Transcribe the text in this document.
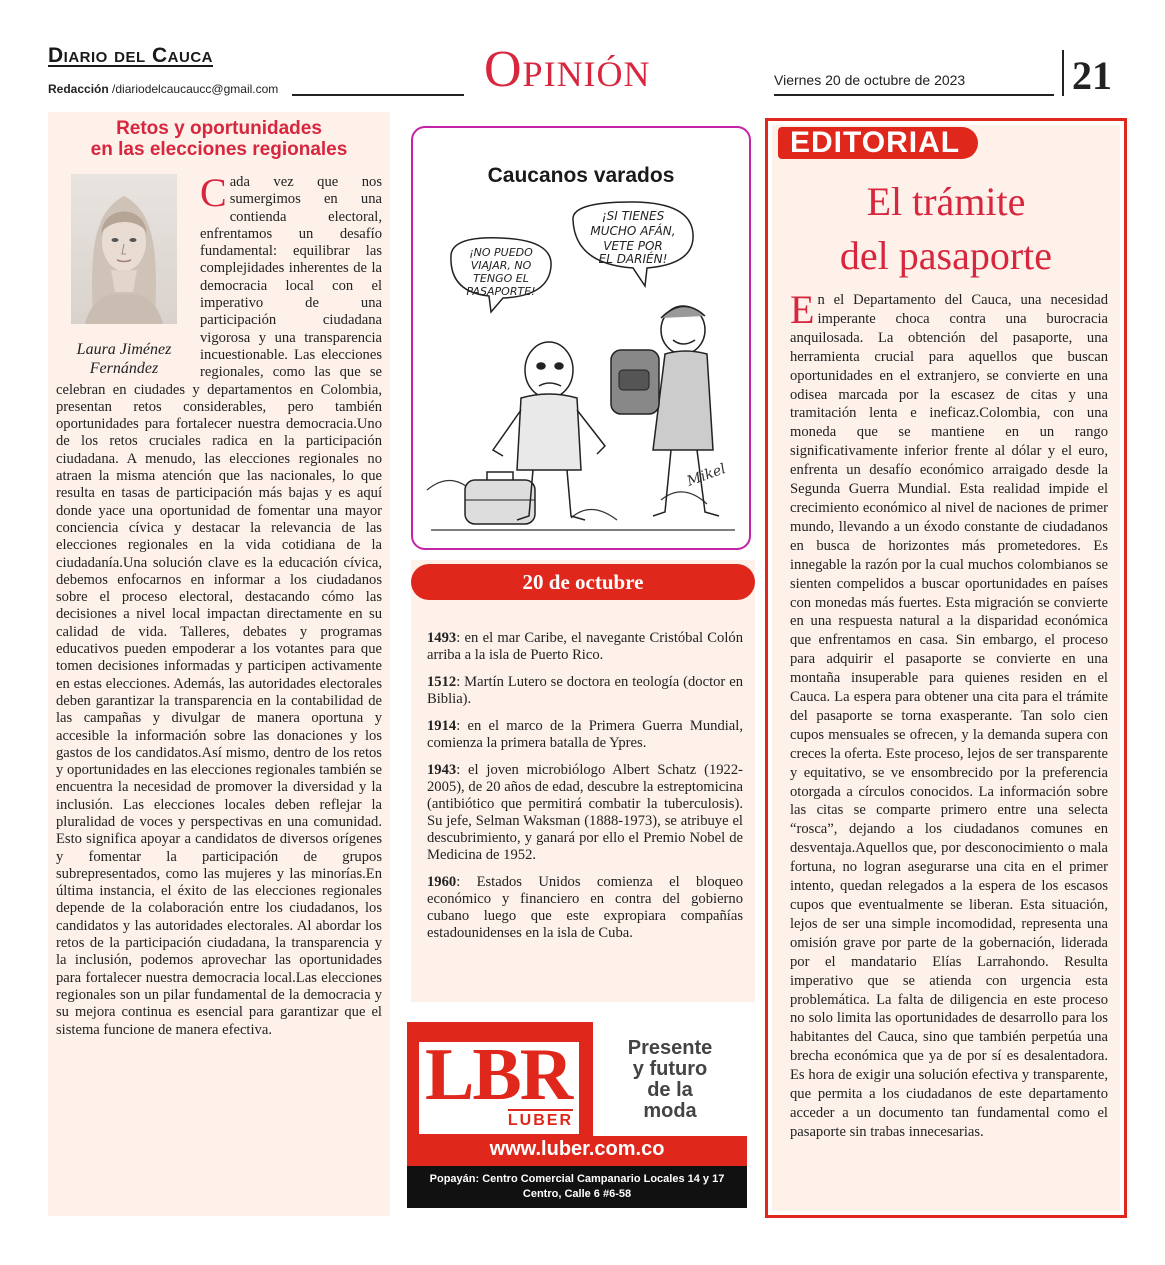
Diario del Cauca
Redacción /diariodelcaucaucc@gmail.com	Opinión	Viernes 20 de octubre de 2023	21
Retos y oportunidades
en las elecciones regionales
Laura Jiménez
Fernández
Cada vez que nos sumergimos en una contienda electoral, enfrentamos un desafío fundamental: equilibrar las complejidades inherentes de la democracia local con el imperativo de una participación ciudadana vigorosa y una transparencia incuestionable. Las elecciones regionales, como las que se celebran en ciudades y departamentos en Colombia, presentan retos considerables, pero también oportunidades para fortalecer nuestra democracia.Uno de los retos cruciales radica en la participación ciudadana. A menudo, las elecciones regionales no atraen la misma atención que las nacionales, lo que resulta en tasas de participación más bajas y es aquí donde yace una oportunidad de fomentar una mayor conciencia cívica y destacar la relevancia de las elecciones regionales en la vida cotidiana de la ciudadanía.Una solución clave es la educación cívica, debemos enfocarnos en informar a los ciudadanos sobre el proceso electoral, destacando cómo las decisiones a nivel local impactan directamente en su calidad de vida. Talleres, debates y programas educativos pueden empoderar a los votantes para que tomen decisiones informadas y participen activamente en estas elecciones. Además, las autoridades electorales deben garantizar la transparencia en la contabilidad de las campañas y divulgar de manera oportuna y accesible la información sobre las donaciones y los gastos de los candidatos.Así mismo, dentro de los retos y oportunidades en las elecciones regionales también se encuentra la necesidad de promover la diversidad y la inclusión. Las elecciones locales deben reflejar la pluralidad de voces y perspectivas en una comunidad. Esto significa apoyar a candidatos de diversos orígenes y fomentar la participación de grupos subrepresentados, como las mujeres y las minorías.En última instancia, el éxito de las elecciones regionales depende de la colaboración entre los ciudadanos, los candidatos y las autoridades electorales. Al abordar los retos de la participación ciudadana, la transparencia y la inclusión, podemos aprovechar las oportunidades para fortalecer nuestra democracia local.Las elecciones regionales son un pilar fundamental de la democracia y su mejora continua es esencial para garantizar que el sistema funcione de manera efectiva.
Caucanos varados
¡NO PUEDO
VIAJAR, NO
TENGO EL
PASAPORTE!
¡SI TIENES
MUCHO AFÁN,
VETE POR
EL DARIÉN!
Mikel
20 de octubre
1493: en el mar Caribe, el navegante Cristóbal Colón arriba a la isla de Puerto Rico.
1512: Martín Lutero se doctora en teología (doctor en Biblia).
1914: en el marco de la Primera Guerra Mundial, comienza la primera batalla de Ypres.
1943: el joven microbiólogo Albert Schatz (1922-2005), de 20 años de edad, descubre la estreptomicina (antibiótico que permitirá combatir la tuberculosis). Su jefe, Selman Waksman (1888-1973), se atribuye el descubrimiento, y ganará por ello el Premio Nobel de Medicina de 1952.
1960: Estados Unidos comienza el bloqueo económico y financiero en contra del gobierno cubano luego que este expropiara compañías estadounidenses en la isla de Cuba.
LBR
LUBER
Presente
y futuro
de la
moda
www.luber.com.co
Popayán: Centro Comercial Campanario Locales 14 y 17
Centro, Calle 6 #6-58
EDITORIAL
El trámite
del pasaporte
En el Departamento del Cauca, una necesidad imperante choca contra una burocracia anquilosada. La obtención del pasaporte, una herramienta crucial para aquellos que buscan oportunidades en el extranjero, se convierte en una odisea marcada por la escasez de citas y una tramitación lenta e ineficaz.Colombia, con una moneda que se mantiene en un rango significativamente inferior frente al dólar y el euro, enfrenta un desafío económico arraigado desde la Segunda Guerra Mundial. Esta realidad impide el crecimiento económico al nivel de naciones de primer mundo, llevando a un éxodo constante de ciudadanos en busca de horizontes más prometedores. Es innegable la razón por la cual muchos colombianos se sienten compelidos a buscar oportunidades en países con monedas más fuertes. Esta migración se convierte en una respuesta natural a la disparidad económica que enfrentamos en casa. Sin embargo, el proceso para adquirir el pasaporte se convierte en una montaña insuperable para quienes residen en el Cauca. La espera para obtener una cita para el trámite del pasaporte se torna exasperante. Tan solo cien cupos mensuales se ofrecen, y la demanda supera con creces la oferta. Este proceso, lejos de ser transparente y equitativo, se ve ensombrecido por la preferencia otorgada a círculos conocidos. La información sobre las citas se comparte primero entre una selecta “rosca”, dejando a los ciudadanos comunes en desventaja.Aquellos que, por desconocimiento o mala fortuna, no logran asegurarse una cita en el primer intento, quedan relegados a la espera de los escasos cupos que eventualmente se liberan. Esta situación, lejos de ser una simple incomodidad, representa una omisión grave por parte de la gobernación, liderada por el mandatario Elías Larrahondo. Resulta imperativo que se atienda con urgencia esta problemática. La falta de diligencia en este proceso no solo limita las oportunidades de desarrollo para los habitantes del Cauca, sino que también perpetúa una brecha económica que ya de por sí es desalentadora. Es hora de exigir una solución efectiva y transparente, que permita a los ciudadanos de este departamento acceder a un documento tan fundamental como el pasaporte sin trabas innecesarias.
